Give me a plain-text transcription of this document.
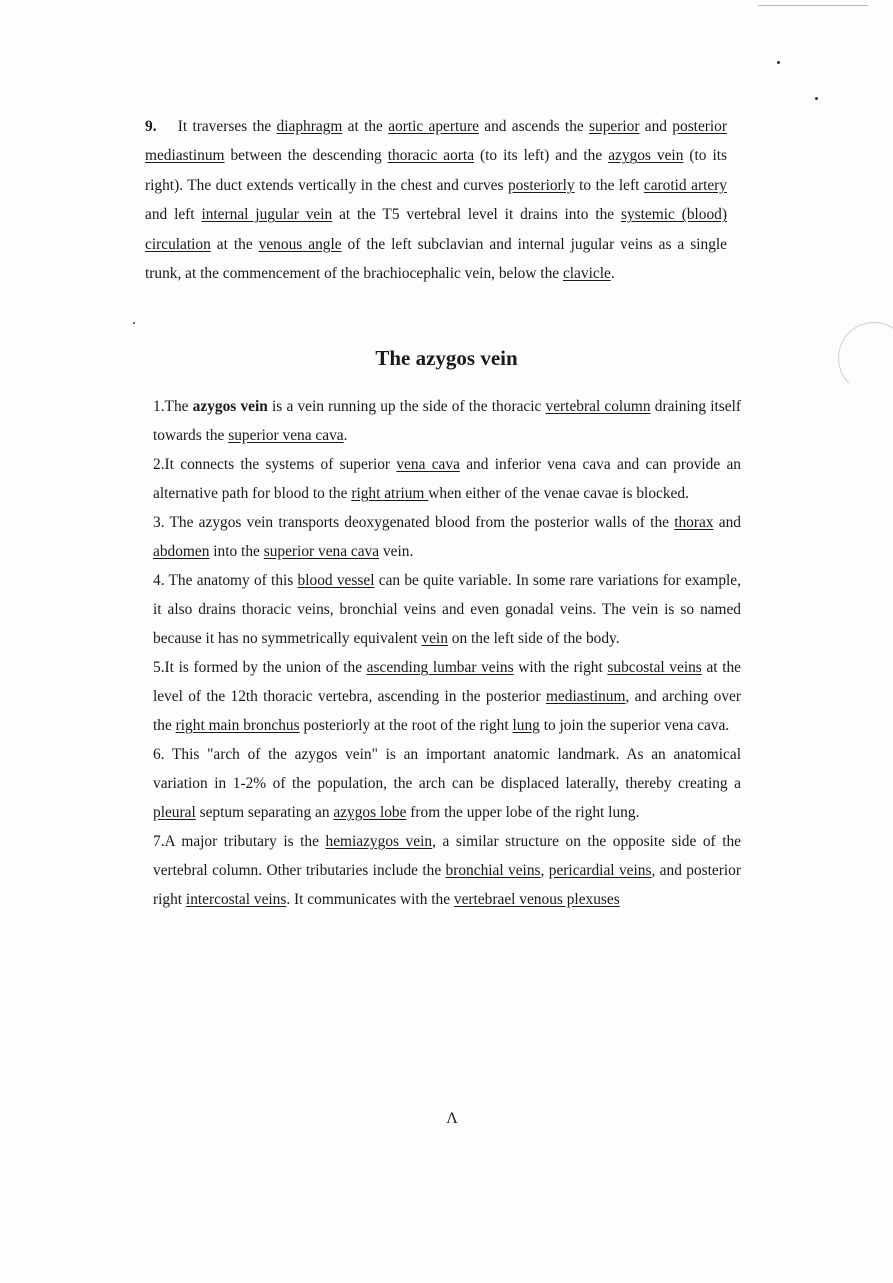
9. It traverses the diaphragm at the aortic aperture and ascends the superior and posterior mediastinum between the descending thoracic aorta (to its left) and the azygos vein (to its right). The duct extends vertically in the chest and curves posteriorly to the left carotid artery and left internal jugular vein at the T5 vertebral level it drains into the systemic (blood) circulation at the venous angle of the left subclavian and internal jugular veins as a single trunk, at the commencement of the brachiocephalic vein, below the clavicle.

The azygos vein

1.The azygos vein is a vein running up the side of the thoracic vertebral column draining itself towards the superior vena cava.

2.It connects the systems of superior vena cava and inferior vena cava and can provide an alternative path for blood to the right atrium when either of the venae cavae is blocked.

3. The azygos vein transports deoxygenated blood from the posterior walls of the thorax and abdomen into the superior vena cava vein.

4. The anatomy of this blood vessel can be quite variable. In some rare variations for example, it also drains thoracic veins, bronchial veins and even gonadal veins. The vein is so named because it has no symmetrically equivalent vein on the left side of the body.

5.It is formed by the union of the ascending lumbar veins with the right subcostal veins at the level of the 12th thoracic vertebra, ascending in the posterior mediastinum, and arching over the right main bronchus posteriorly at the root of the right lung to join the superior vena cava.

6. This "arch of the azygos vein" is an important anatomic landmark. As an anatomical variation in 1-2% of the population, the arch can be displaced laterally, thereby creating a pleural septum separating an azygos lobe from the upper lobe of the right lung.

7.A major tributary is the hemiazygos vein, a similar structure on the opposite side of the vertebral column. Other tributaries include the bronchial veins, pericardial veins, and posterior right intercostal veins. It communicates with the vertebrael venous plexuses

Λ
